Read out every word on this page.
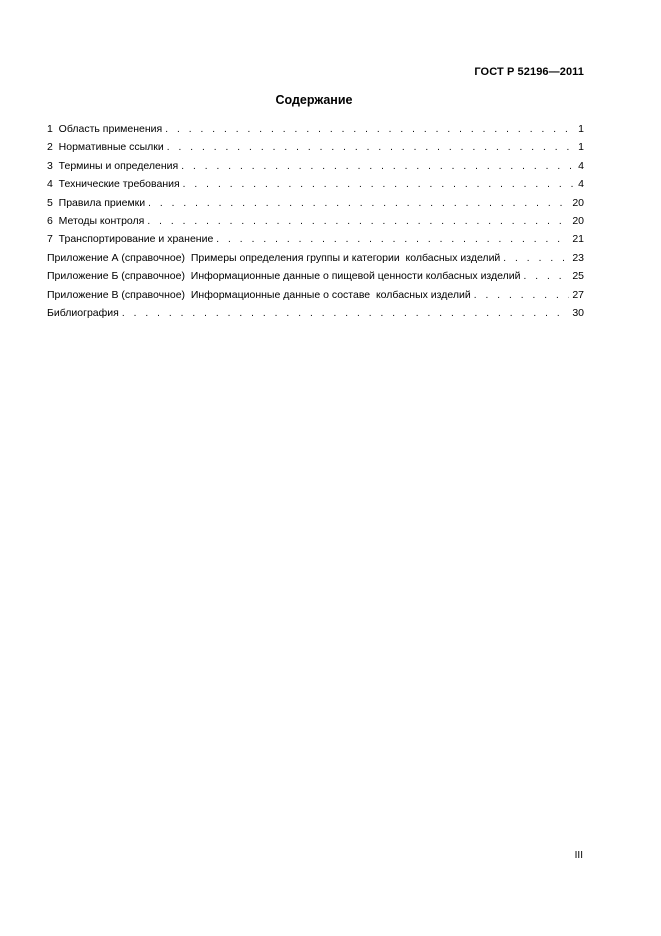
ГОСТ Р 52196—2011
Содержание
1  Область применения . . .	1
2  Нормативные ссылки . . .	1
3  Термины и определения . . .	4
4  Технические требования . . .	4
5  Правила приемки . . .	20
6  Методы контроля . . .	20
7  Транспортирование и хранение . . .	21
Приложение А (справочное)  Примеры определения группы и категории  колбасных изделий . . .	23
Приложение Б (справочное)  Информационные данные о пищевой ценности колбасных изделий . . .	25
Приложение В (справочное)  Информационные данные о составе  колбасных изделий . . .	27
Библиография . . .	30
III
